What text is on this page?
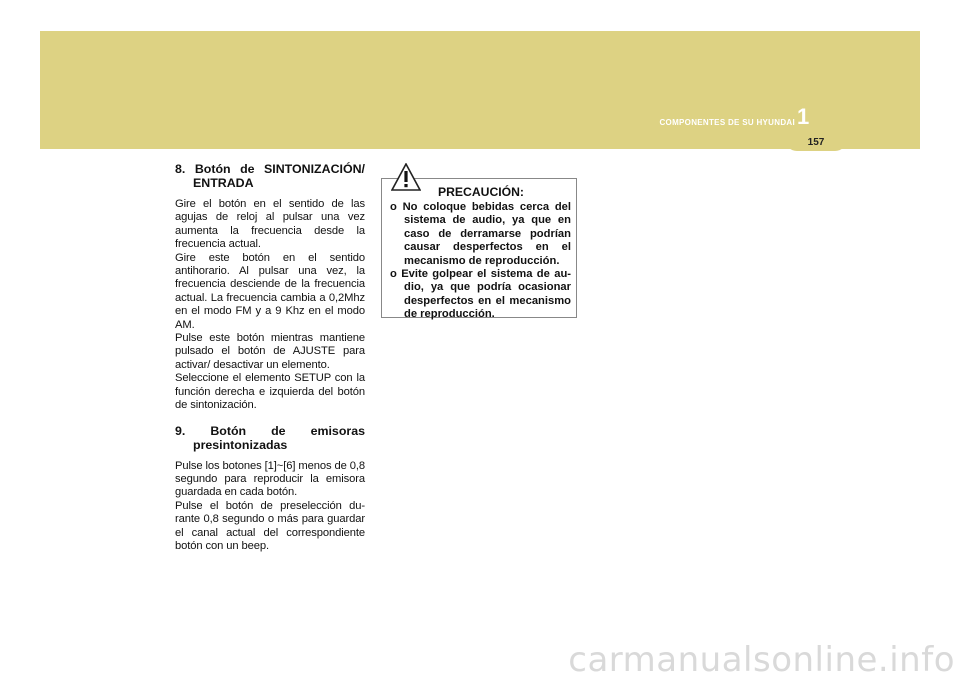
157
COMPONENTES DE SU HYUNDAI 1
8. Botón de SINTONIZACIÓN/
ENTRADA

Gire el botón en el sentido de las agujas de reloj al pulsar una vez aumenta la frecuencia desde la frecuencia actual.

Gire este botón en el sentido antihorario. Al pulsar una vez, la frecuencia desciende de la frecuencia actual. La frecuencia cambia a 0,2Mhz en el modo FM y a 9 Khz en el modo AM.

Pulse este botón mientras mantiene pulsado el botón de AJUSTE para activar/ desactivar un elemento.

Seleccione el elemento SETUP con la función derecha e izquierda del botón de sintonización.

9. Botón de emisoras
presintonizadas

Pulse los botones [1]~[6] menos de 0,8 segundo para reproducir la emisora guardada en cada botón.

Pulse el botón de preselección du-rante 0,8 segundo o más para guardar el canal actual del correspondiente botón con un beep.

PRECAUCIÓN:

o No coloque bebidas cerca del sistema de audio, ya que en caso de derramarse podrían causar desperfectos en el mecanismo de reproducción.

o Evite golpear el sistema de au-dio, ya que podría ocasionar desperfectos en el mecanismo de reproducción.

carmanualsonline.info
